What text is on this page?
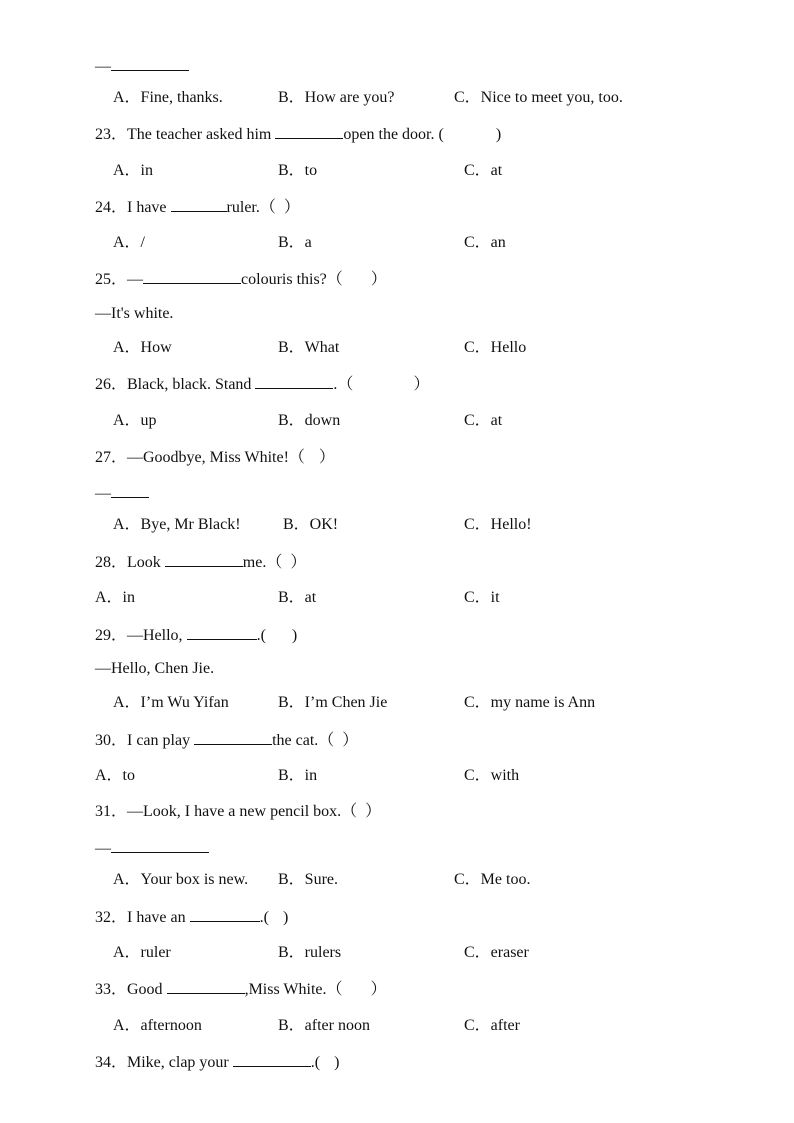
—
A．Fine, thanks.	B．How are you?	C．Nice to meet you, too.
23．The teacher asked him	open the door. (	)
A．in	B．to	C．at
24．I have	ruler.（ ）
A．/	B．a	C．an
25．—	colouris this?（ ）
—It's white.
A．How	B．What	C．Hello
26．Black, black. Stand	.（	）
A．up	B．down	C．at
27．—Goodbye, Miss White!（ ）
—
A．Bye, Mr Black!	B．OK!	C．Hello!
28．Look	me.（ ）
A．in	B．at	C．it
29．—Hello,	.( )
—Hello, Chen Jie.
A．I’m Wu Yifan	B．I’m Chen Jie	C．my name is Ann
30．I can play	the cat.（ ）
A．to	B．in	C．with
31．—Look, I have a new pencil box.（ ）
—
A．Your box is new. B．Sure.	C．Me too.
32．I have an	.( )
A．ruler	B．rulers	C．eraser
33．Good	,Miss White.（ ）
A．afternoon	B．after noon	C．after
34．Mike, clap your	.( )
